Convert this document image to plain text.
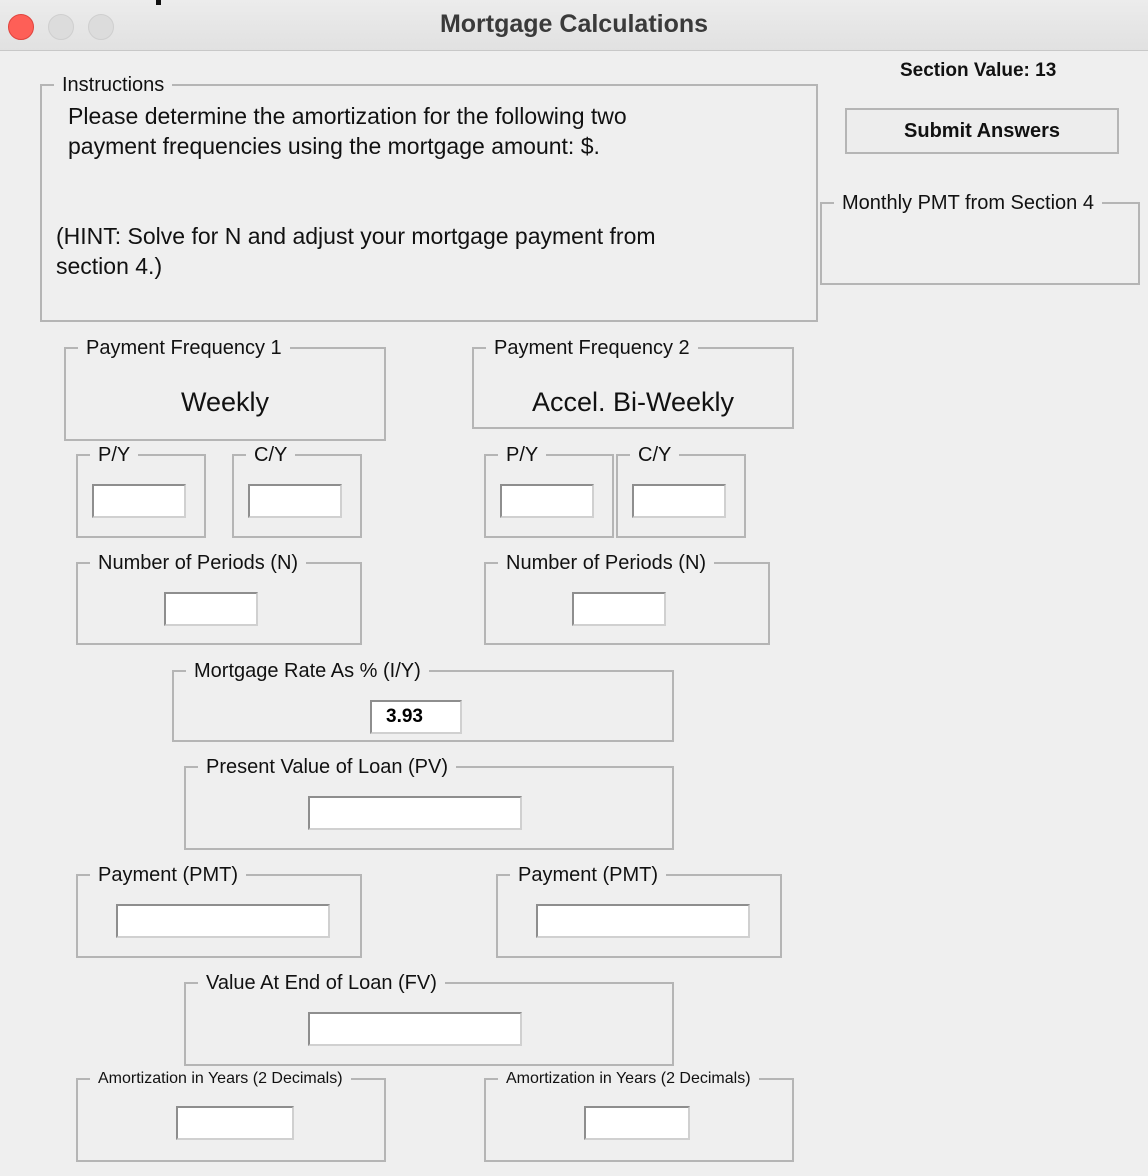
Mortgage Calculations
Section Value: 13
Submit Answers
Instructions
Please determine the amortization for the following two
payment frequencies using the mortgage amount: $.
(HINT: Solve for N and adjust your mortgage payment from
section 4.)
Monthly PMT from Section 4
Payment Frequency 1
Weekly
Payment Frequency 2
Accel. Bi-Weekly
P/Y	C/Y	P/Y	C/Y
Number of Periods (N)	Number of Periods (N)
Mortgage Rate As % (I/Y)
3.93
Present Value of Loan (PV)
Payment (PMT)	Payment (PMT)
Value At End of Loan (FV)
Amortization in Years (2 Decimals)	Amortization in Years (2 Decimals)
